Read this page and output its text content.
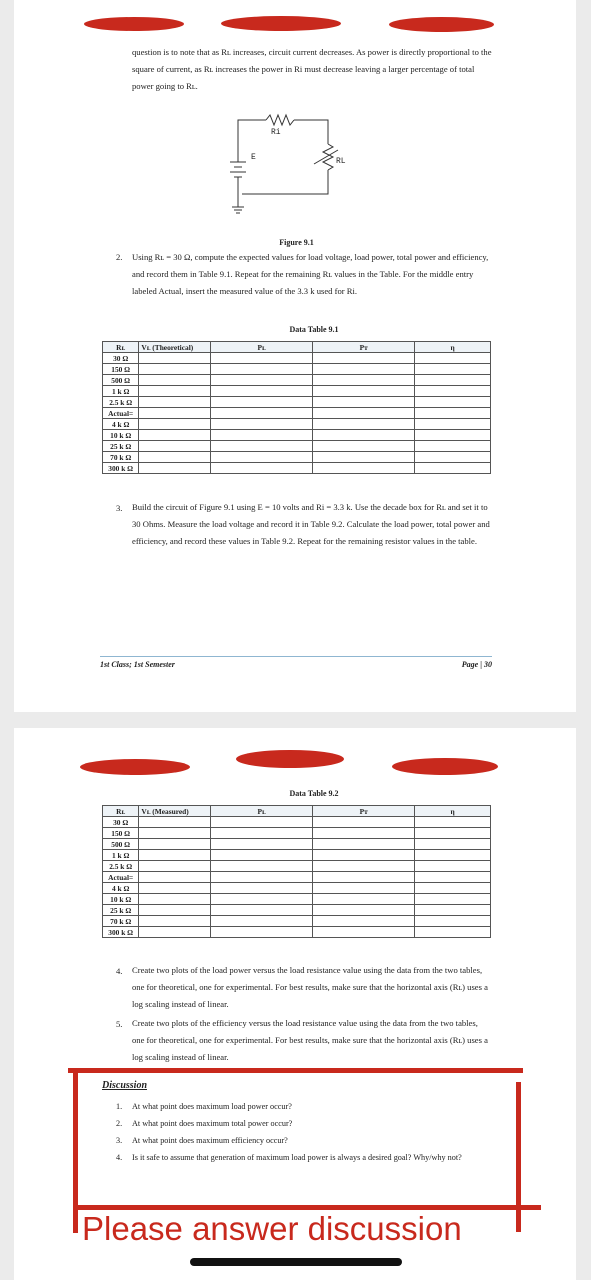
question is to note that as Rʟ increases, circuit current decreases. As power is directly proportional to the square of current, as Rʟ increases the power in Ri must decrease leaving a larger percentage of total power going to Rʟ.

Ri
E	RL
Figure 9.1
2. Using Rʟ = 30 Ω, compute the expected values for load voltage, load power, total power and efficiency, and record them in Table 9.1. Repeat for the remaining Rʟ values in the Table. For the middle entry labeled Actual, insert the measured value of the 3.3 k used for Ri.

Data Table 9.1
Rʟ	Vʟ (Theoretical)	Pʟ	Pᴛ	η
30 Ω				
150 Ω				
500 Ω				
1 k Ω				
2.5 k Ω				
Actual=				
4 k Ω				
10 k Ω				
25 k Ω				
70 k Ω				
300 k Ω				
3. Build the circuit of Figure 9.1 using E = 10 volts and Ri = 3.3 k. Use the decade box for Rʟ and set it to 30 Ohms. Measure the load voltage and record it in Table 9.2. Calculate the load power, total power and efficiency, and record these values in Table 9.2. Repeat for the remaining resistor values in the table.

1st Class; 1st Semester	Page | 30
Data Table 9.2
Rʟ	Vʟ (Measured)	Pʟ	Pᴛ	η
30 Ω				
150 Ω				
500 Ω				
1 k Ω				
2.5 k Ω				
Actual=				
4 k Ω				
10 k Ω				
25 k Ω				
70 k Ω				
300 k Ω				
4. Create two plots of the load power versus the load resistance value using the data from the two tables, one for theoretical, one for experimental. For best results, make sure that the horizontal axis (Rʟ) uses a log scaling instead of linear.

5. Create two plots of the efficiency versus the load resistance value using the data from the two tables, one for theoretical, one for experimental. For best results, make sure that the horizontal axis (Rʟ) uses a log scaling instead of linear.

Discussion
1. At what point does maximum load power occur?
2. At what point does maximum total power occur?
3. At what point does maximum efficiency occur?
4. Is it safe to assume that generation of maximum load power is always a desired goal? Why/why not?
Please answer discussion
